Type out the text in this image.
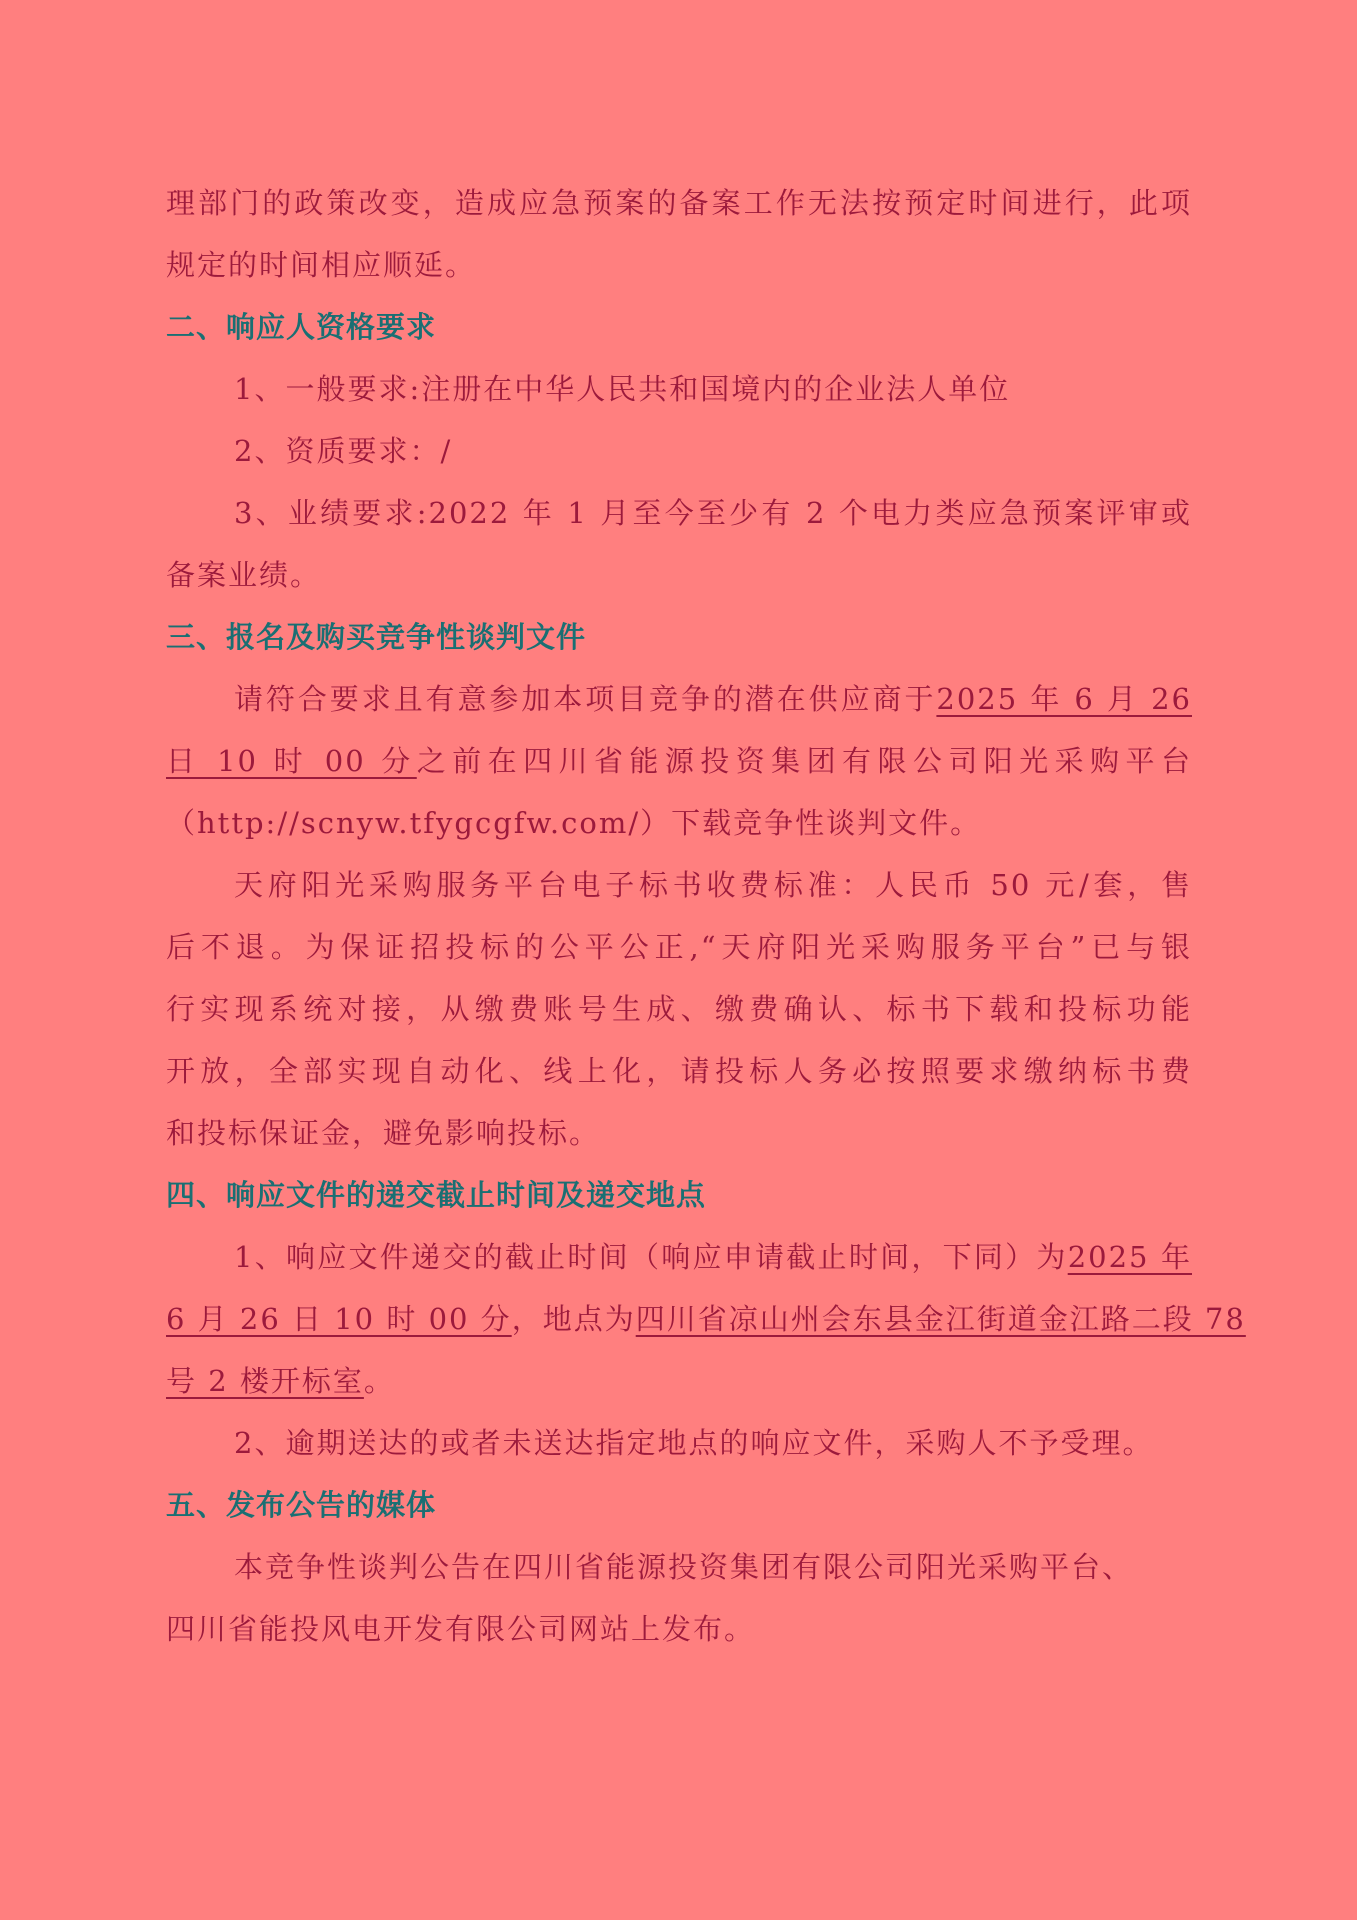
理部门的政策改变，造成应急预案的备案工作无法按预定时间进行，此项
规定的时间相应顺延。
二、响应人资格要求
1、一般要求:注册在中华人民共和国境内的企业法人单位
2、资质要求：/
3、业绩要求:2022 年 1 月至今至少有 2 个电力类应急预案评审或
备案业绩。
三、报名及购买竞争性谈判文件
请符合要求且有意参加本项目竞争的潜在供应商于2025 年 6 月 26
日 10 时 00 分之前在四川省能源投资集团有限公司阳光采购平台
（http://scnyw.tfygcgfw.com/）下载竞争性谈判文件。
天府阳光采购服务平台电子标书收费标准：人民币 50 元/套，售
后不退。为保证招投标的公平公正,“天府阳光采购服务平台”已与银
行实现系统对接，从缴费账号生成、缴费确认、标书下载和投标功能
开放，全部实现自动化、线上化，请投标人务必按照要求缴纳标书费
和投标保证金，避免影响投标。
四、响应文件的递交截止时间及递交地点
1、响应文件递交的截止时间（响应申请截止时间，下同）为2025 年
6 月 26 日 10 时 00 分，地点为四川省凉山州会东县金江街道金江路二段 78
号 2 楼开标室。
2、逾期送达的或者未送达指定地点的响应文件，采购人不予受理。
五、发布公告的媒体
本竞争性谈判公告在四川省能源投资集团有限公司阳光采购平台、
四川省能投风电开发有限公司网站上发布。
